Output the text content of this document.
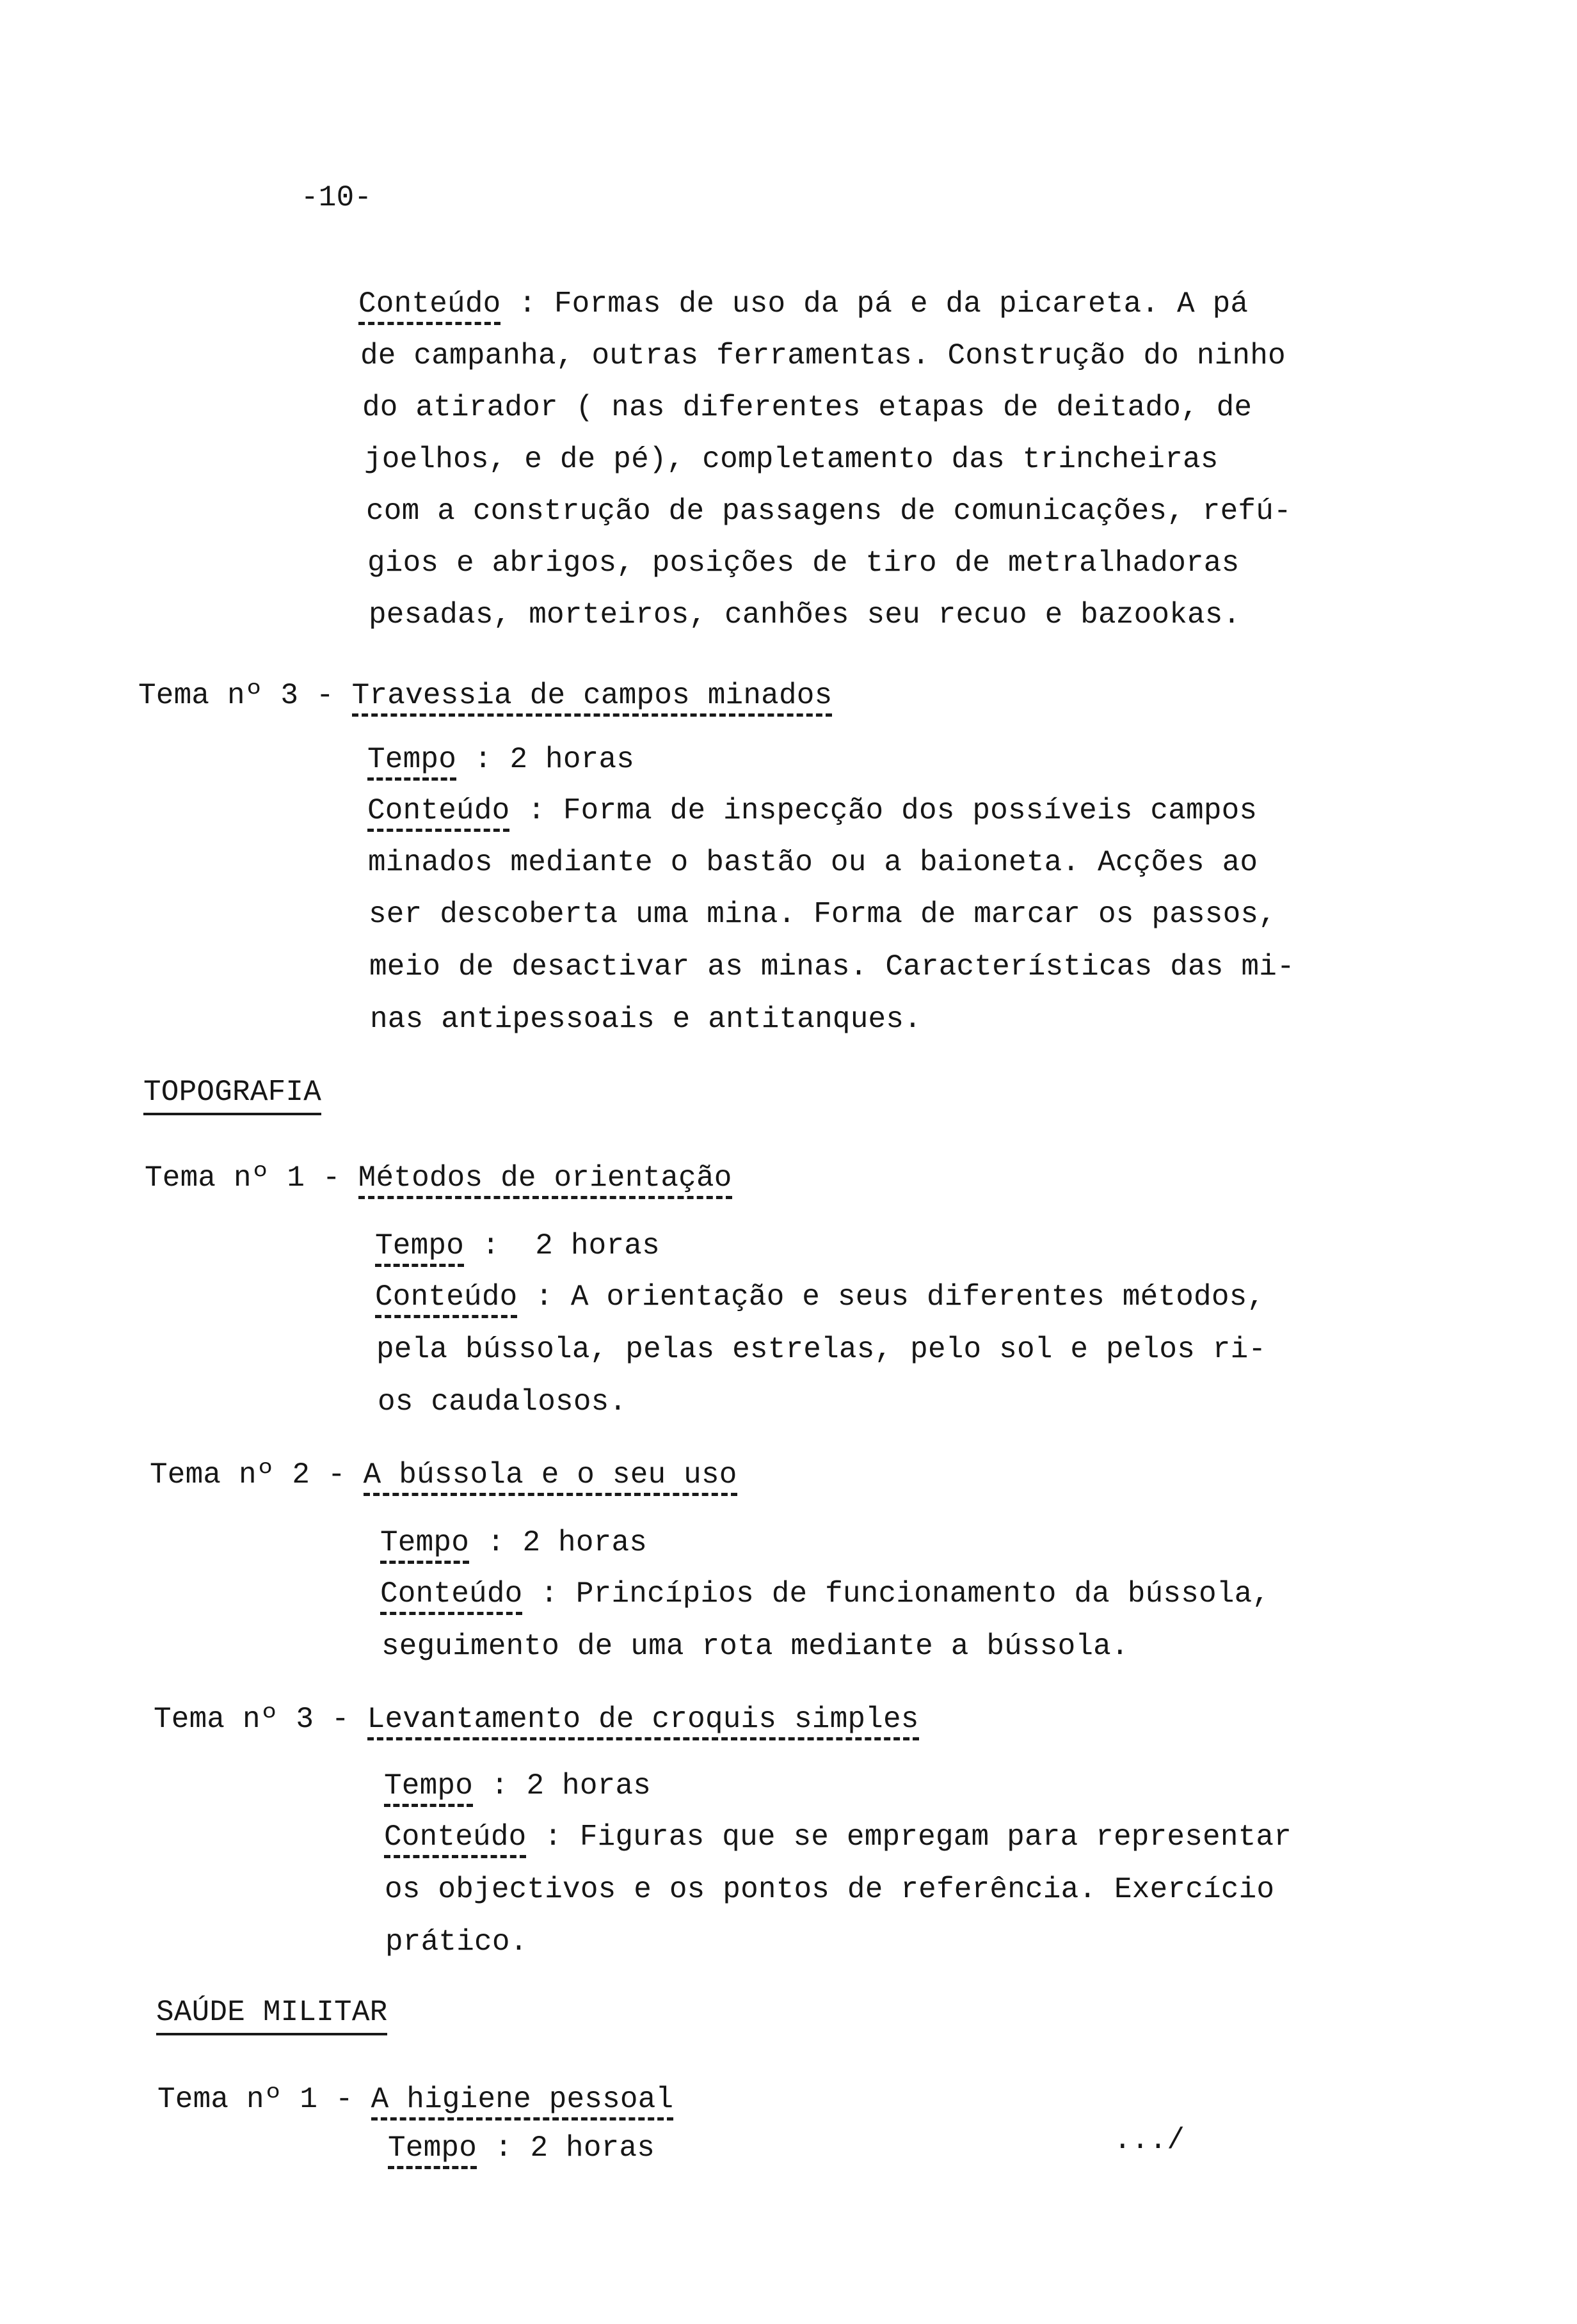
-10-
Conteúdo : Formas de uso da pá e da picareta. A pá
de campanha, outras ferramentas. Construção do ninho
do atirador ( nas diferentes etapas de deitado, de
joelhos, e de pé), completamento das trincheiras
com a construção de passagens de comunicações, refú-
gios e abrigos, posições de tiro de metralhadoras
pesadas, morteiros, canhões seu recuo e bazookas.
Tema nº 3 - Travessia de campos minados
Tempo : 2 horas
Conteúdo : Forma de inspecção dos possíveis campos
minados mediante o bastão ou a baioneta. Acções ao
ser descoberta uma mina. Forma de marcar os passos,
meio de desactivar as minas. Características das mi-
nas antipessoais e antitanques.
TOPOGRAFIA
Tema nº 1 - Métodos de orientação
Tempo :  2 horas
Conteúdo : A orientação e seus diferentes métodos,
pela bússola, pelas estrelas, pelo sol e pelos ri-
os caudalosos.
Tema nº 2 - A bússola e o seu uso
Tempo : 2 horas
Conteúdo : Princípios de funcionamento da bússola,
seguimento de uma rota mediante a bússola.
Tema nº 3 - Levantamento de croquis simples
Tempo : 2 horas
Conteúdo : Figuras que se empregam para representar
os objectivos e os pontos de referência. Exercício
prático.
SAÚDE MILITAR
Tema nº 1 - A higiene pessoal
Tempo : 2 horas	.../
